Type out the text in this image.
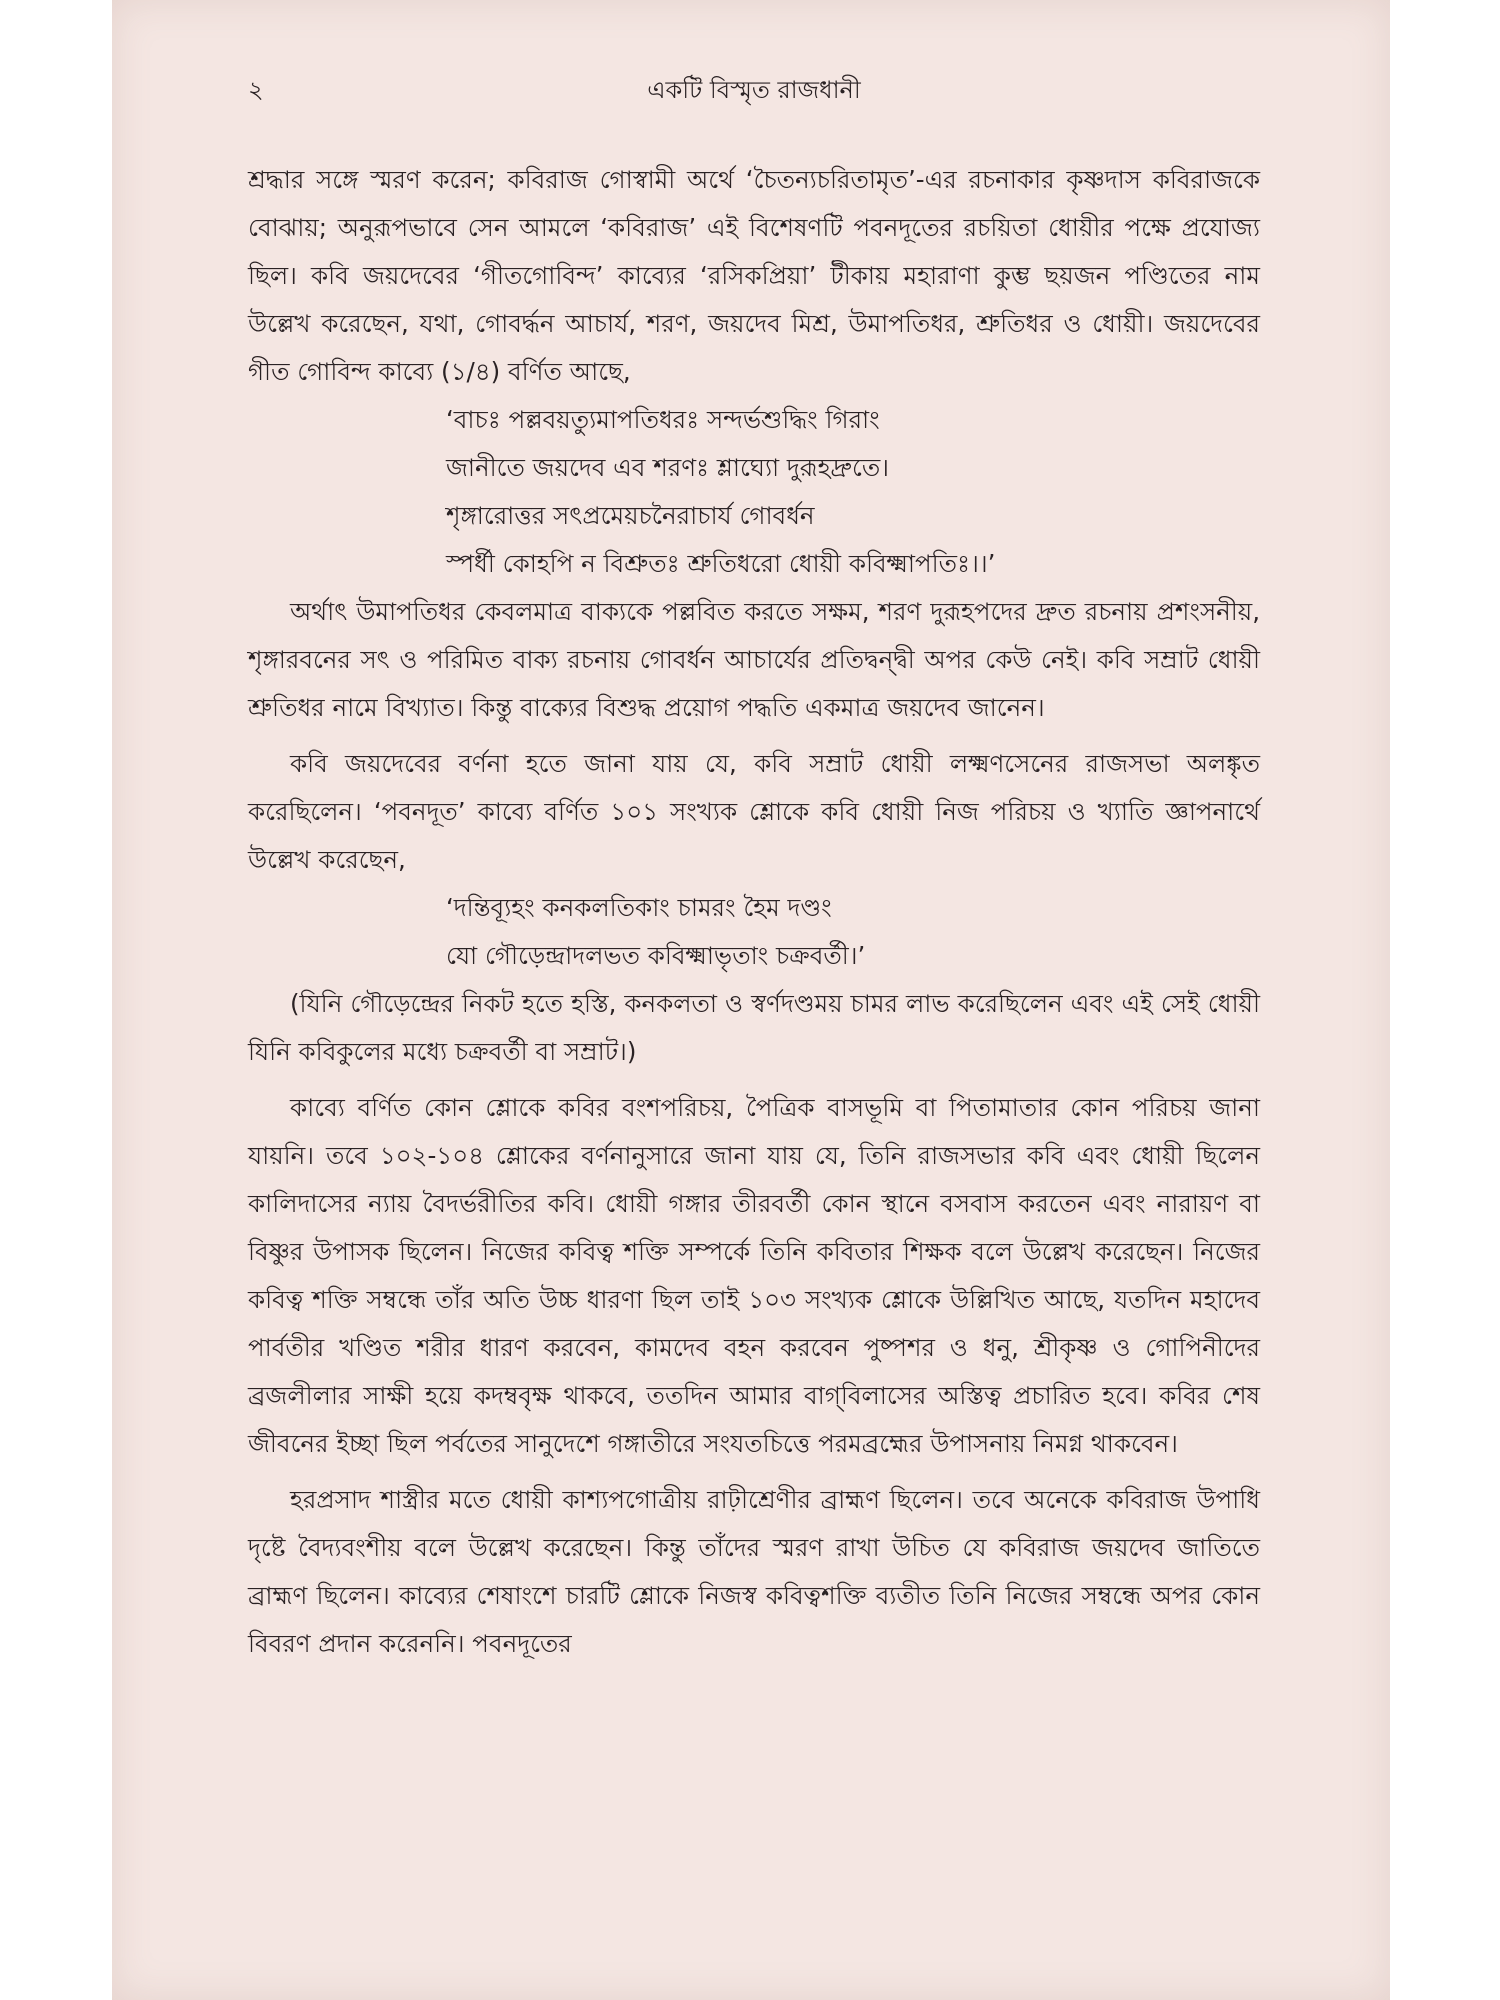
২	একটি বিস্মৃত রাজধানী

শ্রদ্ধার সঙ্গে স্মরণ করেন; কবিরাজ গোস্বামী অর্থে ‘চৈতন্যচরিতামৃত’-এর রচনাকার কৃষ্ণদাস কবিরাজকে বোঝায়; অনুরূপভাবে সেন আমলে ‘কবিরাজ’ এই বিশেষণটি পবনদূতের রচয়িতা ধোয়ীর পক্ষে প্রযোজ্য ছিল। কবি জয়দেবের ‘গীতগোবিন্দ’ কাব্যের ‘রসিকপ্রিয়া’ টীকায় মহারাণা কুম্ভ ছয়জন পণ্ডিতের নাম উল্লেখ করেছেন, যথা, গোবর্দ্ধন আচার্য, শরণ, জয়দেব মিশ্র, উমাপতিধর, শ্রুতিধর ও ধোয়ী। জয়দেবের গীত গোবিন্দ কাব্যে (১/৪) বর্ণিত আছে,

‘বাচঃ পল্লবয়ত্যুমাপতিধরঃ সন্দর্ভশুদ্ধিং গিরাং
জানীতে জয়দেব এব শরণঃ শ্লাঘ্যো দুরূহদ্রুতে।
শৃঙ্গারোত্তর সৎপ্রমেয়চনৈরাচার্য গোবর্ধন
স্পর্ধী কোহপি ন বিশ্রুতঃ শ্রুতিধরো ধোয়ী কবিক্ষ্মাপতিঃ।।’

অর্থাৎ উমাপতিধর কেবলমাত্র বাক্যকে পল্লবিত করতে সক্ষম, শরণ দুরূহপদের দ্রুত রচনায় প্রশংসনীয়, শৃঙ্গারবনের সৎ ও পরিমিত বাক্য রচনায় গোবর্ধন আচার্যের প্রতিদ্বন্দ্বী অপর কেউ নেই। কবি সম্রাট ধোয়ী শ্রুতিধর নামে বিখ্যাত। কিন্তু বাক্যের বিশুদ্ধ প্রয়োগ পদ্ধতি একমাত্র জয়দেব জানেন।

কবি জয়দেবের বর্ণনা হতে জানা যায় যে, কবি সম্রাট ধোয়ী লক্ষ্মণসেনের রাজসভা অলঙ্কৃত করেছিলেন। ‘পবনদূত’ কাব্যে বর্ণিত ১০১ সংখ্যক শ্লোকে কবি ধোয়ী নিজ পরিচয় ও খ্যাতি জ্ঞাপনার্থে উল্লেখ করেছেন,

‘দন্তিব্যূহং কনকলতিকাং চামরং হৈম দণ্ডং
যো গৌড়েন্দ্রাদলভত কবিক্ষ্মাভৃতাং চক্রবর্তী।’

(যিনি গৌড়েন্দ্রের নিকট হতে হস্তি, কনকলতা ও স্বর্ণদণ্ডময় চামর লাভ করেছিলেন এবং এই সেই ধোয়ী যিনি কবিকুলের মধ্যে চক্রবর্তী বা সম্রাট।)

কাব্যে বর্ণিত কোন শ্লোকে কবির বংশপরিচয়, পৈত্রিক বাসভূমি বা পিতামাতার কোন পরিচয় জানা যায়নি। তবে ১০২-১০৪ শ্লোকের বর্ণনানুসারে জানা যায় যে, তিনি রাজসভার কবি এবং ধোয়ী ছিলেন কালিদাসের ন্যায় বৈদর্ভরীতির কবি। ধোয়ী গঙ্গার তীরবর্তী কোন স্থানে বসবাস করতেন এবং নারায়ণ বা বিষ্ণুর উপাসক ছিলেন। নিজের কবিত্ব শক্তি সম্পর্কে তিনি কবিতার শিক্ষক বলে উল্লেখ করেছেন। নিজের কবিত্ব শক্তি সম্বন্ধে তাঁর অতি উচ্চ ধারণা ছিল তাই ১০৩ সংখ্যক শ্লোকে উল্লিখিত আছে, যতদিন মহাদেব পার্বতীর খণ্ডিত শরীর ধারণ করবেন, কামদেব বহন করবেন পুষ্পশর ও ধনু, শ্রীকৃষ্ণ ও গোপিনীদের ব্রজলীলার সাক্ষী হয়ে কদম্ববৃক্ষ থাকবে, ততদিন আমার বাগ্‌বিলাসের অস্তিত্ব প্রচারিত হবে। কবির শেষ জীবনের ইচ্ছা ছিল পর্বতের সানুদেশে গঙ্গাতীরে সংযতচিত্তে পরমব্রহ্মের উপাসনায় নিমগ্ন থাকবেন।

হরপ্রসাদ শাস্ত্রীর মতে ধোয়ী কাশ্যপগোত্রীয় রাঢ়ীশ্রেণীর ব্রাহ্মণ ছিলেন। তবে অনেকে কবিরাজ উপাধি দৃষ্টে বৈদ্যবংশীয় বলে উল্লেখ করেছেন। কিন্তু তাঁদের স্মরণ রাখা উচিত যে কবিরাজ জয়দেব জাতিতে ব্রাহ্মণ ছিলেন। কাব্যের শেষাংশে চারটি শ্লোকে নিজস্ব কবিত্বশক্তি ব্যতীত তিনি নিজের সম্বন্ধে অপর কোন বিবরণ প্রদান করেননি। পবনদূতের
